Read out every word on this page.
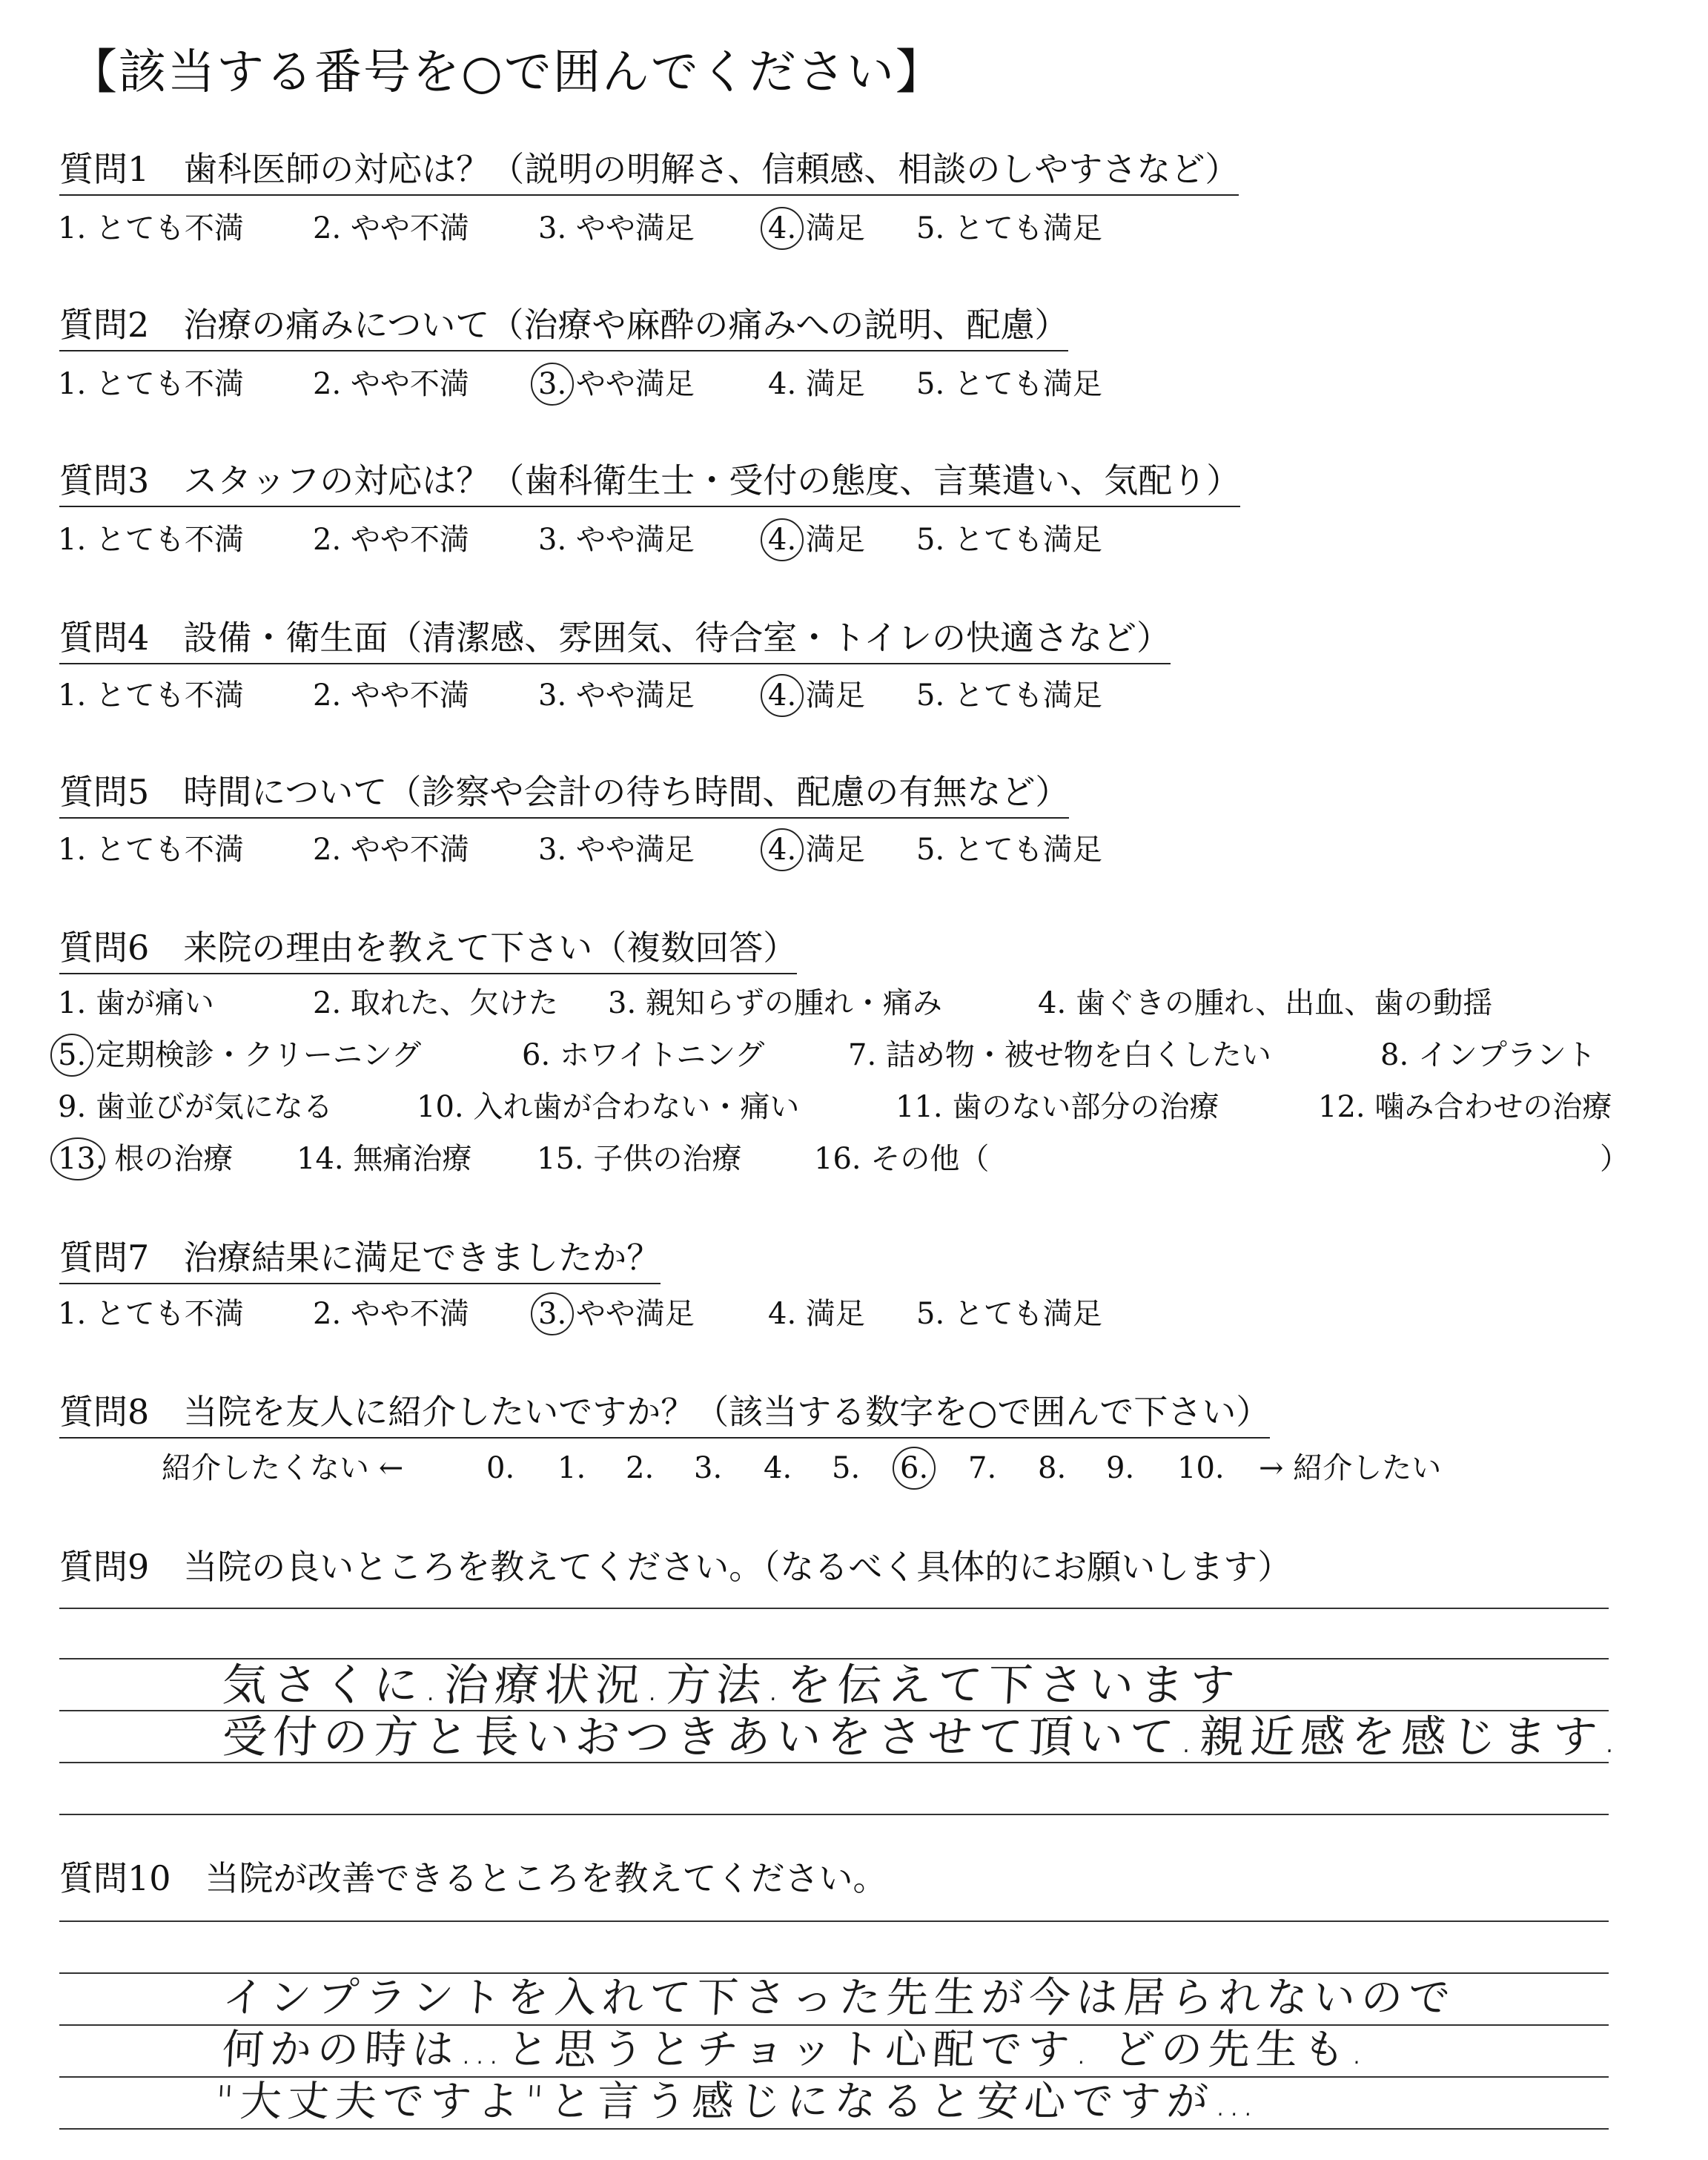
【該当する番号を○で囲んでください】
質問1　歯科医師の対応は？（説明の明解さ、信頼感、相談のしやすさなど）
1. とても不満 2. やや不満 3. やや満足 4. 満足 5. とても満足
質問2　治療の痛みについて（治療や麻酔の痛みへの説明、配慮）
1. とても不満 2. やや不満 3. やや満足 4. 満足 5. とても満足
質問3　スタッフの対応は？（歯科衛生士・受付の態度、言葉遣い、気配り）
1. とても不満 2. やや不満 3. やや満足 4. 満足 5. とても満足
質問4　設備・衛生面（清潔感、雰囲気、待合室・トイレの快適さなど）
1. とても不満 2. やや不満 3. やや満足 4. 満足 5. とても満足
質問5　時間について（診察や会計の待ち時間、配慮の有無など）
1. とても不満 2. やや不満 3. やや満足 4. 満足 5. とても満足
質問6　来院の理由を教えて下さい（複数回答）
1. 歯が痛い	2. 取れた、欠けた 3. 親知らずの腫れ・痛み	4. 歯ぐきの腫れ、出血、歯の動揺
5. 定期検診・クリーニング	6. ホワイトニング	7. 詰め物・被せ物を白くしたい	8. インプラント
9. 歯並びが気になる	10. 入れ歯が合わない・痛い	11. 歯のない部分の治療	12. 噛み合わせの治療
13. 根の治療 14. 無痛治療 15. 子供の治療 16. その他（	）
質問7　治療結果に満足できましたか？
1. とても不満 2. やや不満 3. やや満足 4. 満足 5. とても満足
質問8　当院を友人に紹介したいですか？（該当する数字を○で囲んで下さい）
紹介したくない ←	0. 1. 2. 3. 4. 5. 6. 7. 8. 9. 10. → 紹介したい
質問9　当院の良いところを教えてください。（なるべく具体的にお願いします）
気さくに.治療状況.方法.を伝えて下さいます
受付の方と長いおつきあいをさせて頂いて.親近感を感じます.
質問10　当院が改善できるところを教えてください。
インプラントを入れて下さった先生が今は居られないので
何かの時は…と思うとチョット心配です. どの先生も.
"大丈夫ですよ"と言う感じになると安心ですが…
